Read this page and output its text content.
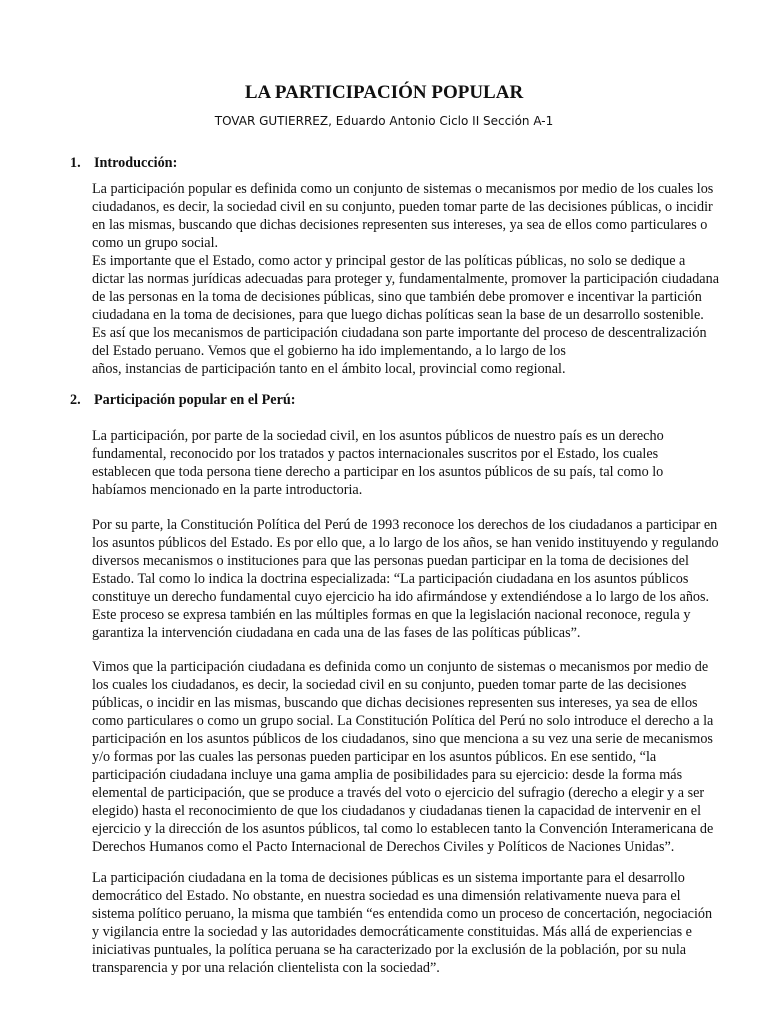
LA PARTICIPACIÓN POPULAR
TOVAR GUTIERREZ, Eduardo Antonio Ciclo II Sección A-1
1. Introducción:
La participación popular es definida como un conjunto de sistemas o mecanismos por medio de los cuales los
ciudadanos, es decir, la sociedad civil en su conjunto, pueden tomar parte de las decisiones públicas, o incidir
en las mismas, buscando que dichas decisiones representen sus intereses, ya sea de ellos como particulares o
como un grupo social.
Es importante que el Estado, como actor y principal gestor de las políticas públicas, no solo se dedique a
dictar las normas jurídicas adecuadas para proteger y, fundamentalmente, promover la participación ciudadana
de las personas en la toma de decisiones públicas, sino que también debe promover e incentivar la partición
ciudadana en la toma de decisiones, para que luego dichas políticas sean la base de un desarrollo sostenible.
Es así que los mecanismos de participación ciudadana son parte importante del proceso de descentralización
del Estado peruano. Vemos que el gobierno ha ido implementando, a lo largo de los
años, instancias de participación tanto en el ámbito local, provincial como regional.
2. Participación popular en el Perú:
La participación, por parte de la sociedad civil, en los asuntos públicos de nuestro país es un derecho
fundamental, reconocido por los tratados y pactos internacionales suscritos por el Estado, los cuales
establecen que toda persona tiene derecho a participar en los asuntos públicos de su país, tal como lo
habíamos mencionado en la parte introductoria.
Por su parte, la Constitución Política del Perú de 1993 reconoce los derechos de los ciudadanos a participar en
los asuntos públicos del Estado. Es por ello que, a lo largo de los años, se han venido instituyendo y regulando
diversos mecanismos o instituciones para que las personas puedan participar en la toma de decisiones del
Estado. Tal como lo indica la doctrina especializada: “La participación ciudadana en los asuntos públicos
constituye un derecho fundamental cuyo ejercicio ha ido afirmándose y extendiéndose a lo largo de los años.
Este proceso se expresa también en las múltiples formas en que la legislación nacional reconoce, regula y
garantiza la intervención ciudadana en cada una de las fases de las políticas públicas”.
Vimos que la participación ciudadana es definida como un conjunto de sistemas o mecanismos por medio de
los cuales los ciudadanos, es decir, la sociedad civil en su conjunto, pueden tomar parte de las decisiones
públicas, o incidir en las mismas, buscando que dichas decisiones representen sus intereses, ya sea de ellos
como particulares o como un grupo social. La Constitución Política del Perú no solo introduce el derecho a la
participación en los asuntos públicos de los ciudadanos, sino que menciona a su vez una serie de mecanismos
y/o formas por las cuales las personas pueden participar en los asuntos públicos. En ese sentido, “la
participación ciudadana incluye una gama amplia de posibilidades para su ejercicio: desde la forma más
elemental de participación, que se produce a través del voto o ejercicio del sufragio (derecho a elegir y a ser
elegido) hasta el reconocimiento de que los ciudadanos y ciudadanas tienen la capacidad de intervenir en el
ejercicio y la dirección de los asuntos públicos, tal como lo establecen tanto la Convención Interamericana de
Derechos Humanos como el Pacto Internacional de Derechos Civiles y Políticos de Naciones Unidas”.
La participación ciudadana en la toma de decisiones públicas es un sistema importante para el desarrollo
democrático del Estado. No obstante, en nuestra sociedad es una dimensión relativamente nueva para el
sistema político peruano, la misma que también “es entendida como un proceso de concertación, negociación
y vigilancia entre la sociedad y las autoridades democráticamente constituidas. Más allá de experiencias e
iniciativas puntuales, la política peruana se ha caracterizado por la exclusión de la población, por su nula
transparencia y por una relación clientelista con la sociedad”.
